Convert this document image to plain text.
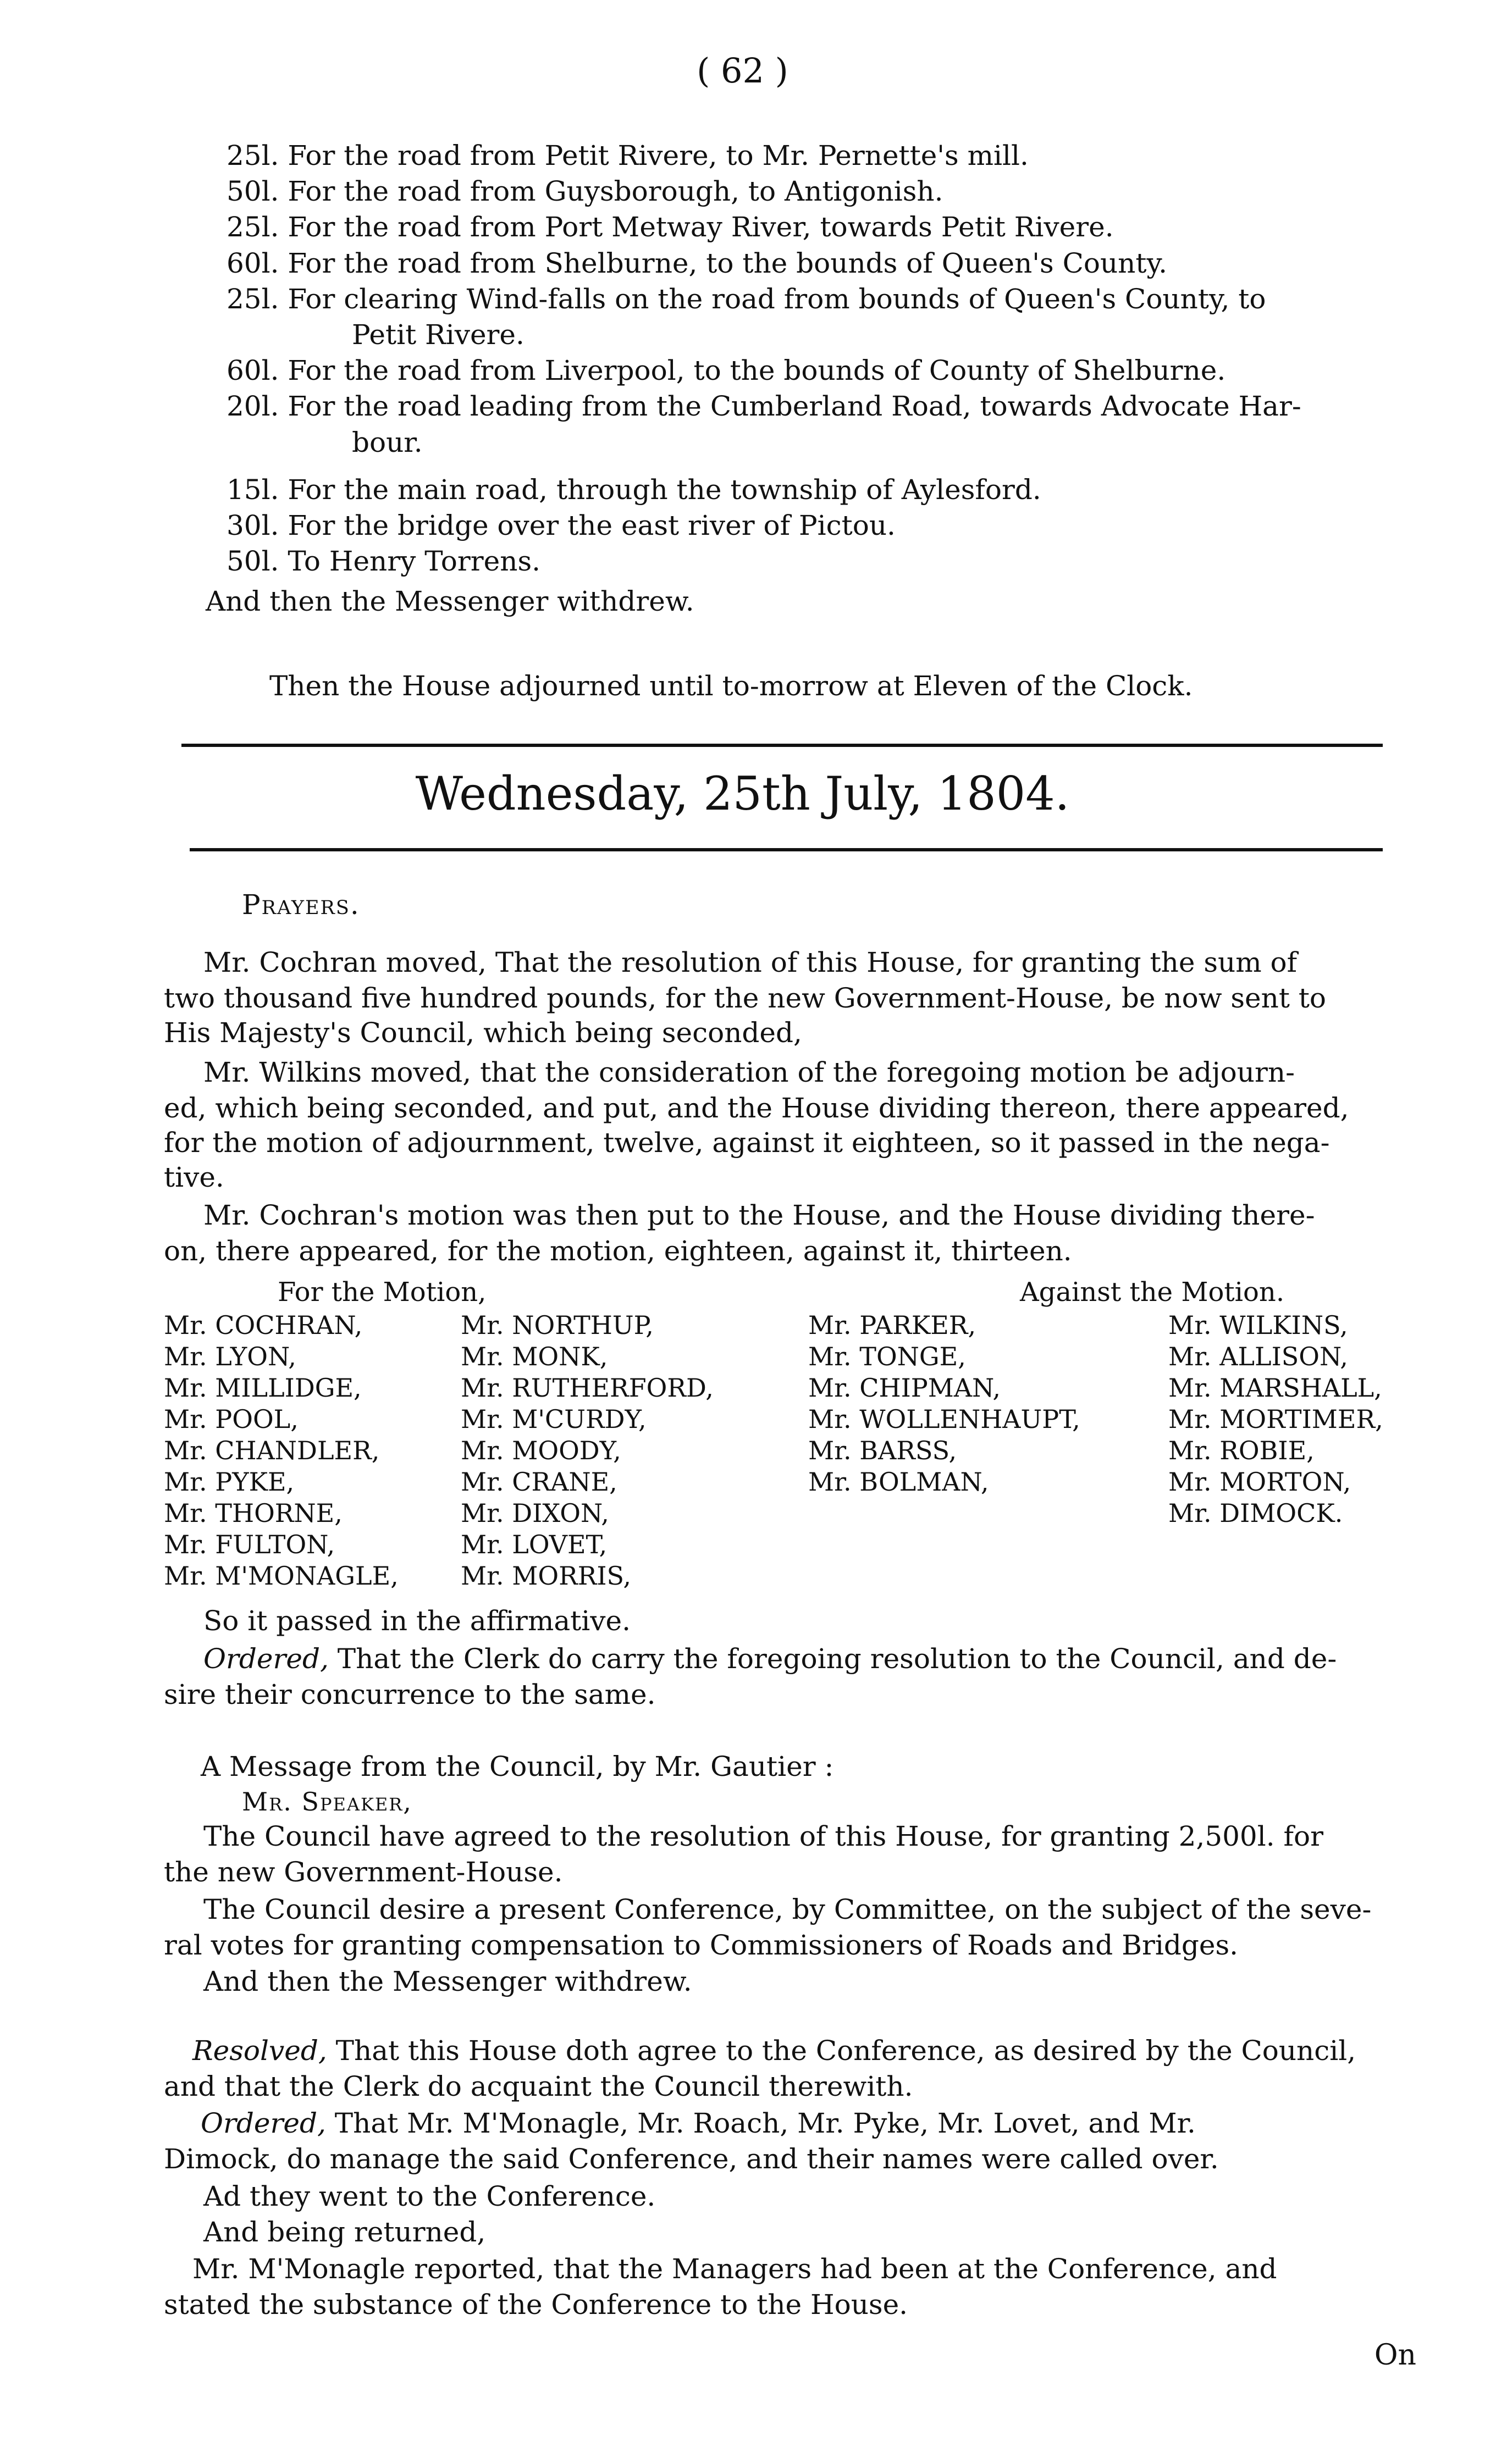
( 62 )
25l. For the road from Petit Rivere, to Mr. Pernette's mill.
50l. For the road from Guysborough, to Antigonish.
25l. For the road from Port Metway River, towards Petit Rivere.
60l. For the road from Shelburne, to the bounds of Queen's County.
25l. For clearing Wind-falls on the road from bounds of Queen's County, to
Petit Rivere.
60l. For the road from Liverpool, to the bounds of County of Shelburne.
20l. For the road leading from the Cumberland Road, towards Advocate Har-
bour.
15l. For the main road, through the township of Aylesford.
30l. For the bridge over the east river of Pictou.
50l. To Henry Torrens.
And then the Messenger withdrew.
Then the House adjourned until to-morrow at Eleven of the Clock.
Wednesday, 25th July, 1804.
Prayers.
Mr. Cochran moved, That the resolution of this House, for granting the sum of
two thousand five hundred pounds, for the new Government-House, be now sent to
His Majesty's Council, which being seconded,
Mr. Wilkins moved, that the consideration of the foregoing motion be adjourn-
ed, which being seconded, and put, and the House dividing thereon, there appeared,
for the motion of adjournment, twelve, against it eighteen, so it passed in the nega-
tive.
Mr. Cochran's motion was then put to the House, and the House dividing there-
on, there appeared, for the motion, eighteen, against it, thirteen.
For the Motion,	Against the Motion.
Mr. COCHRAN,
Mr. LYON,
Mr. MILLIDGE,
Mr. POOL,
Mr. CHANDLER,
Mr. PYKE,
Mr. THORNE,
Mr. FULTON,
Mr. M'MONAGLE,
Mr. NORTHUP,
Mr. MONK,
Mr. RUTHERFORD,
Mr. M'CURDY,
Mr. MOODY,
Mr. CRANE,
Mr. DIXON,
Mr. LOVET,
Mr. MORRIS,
Mr. PARKER,
Mr. TONGE,
Mr. CHIPMAN,
Mr. WOLLENHAUPT,
Mr. BARSS,
Mr. BOLMAN,
Mr. WILKINS,
Mr. ALLISON,
Mr. MARSHALL,
Mr. MORTIMER,
Mr. ROBIE,
Mr. MORTON,
Mr. DIMOCK.
So it passed in the affirmative.
Ordered, That the Clerk do carry the foregoing resolution to the Council, and de-
sire their concurrence to the same.
A Message from the Council, by Mr. Gautier :
Mr. Speaker,
The Council have agreed to the resolution of this House, for granting 2,500l. for
the new Government-House.
The Council desire a present Conference, by Committee, on the subject of the seve-
ral votes for granting compensation to Commissioners of Roads and Bridges.
And then the Messenger withdrew.
Resolved, That this House doth agree to the Conference, as desired by the Council,
and that the Clerk do acquaint the Council therewith.
Ordered, That Mr. M'Monagle, Mr. Roach, Mr. Pyke, Mr. Lovet, and Mr.
Dimock, do manage the said Conference, and their names were called over.
Ad they went to the Conference.
And being returned,
Mr. M'Monagle reported, that the Managers had been at the Conference, and
stated the substance of the Conference to the House.
On
